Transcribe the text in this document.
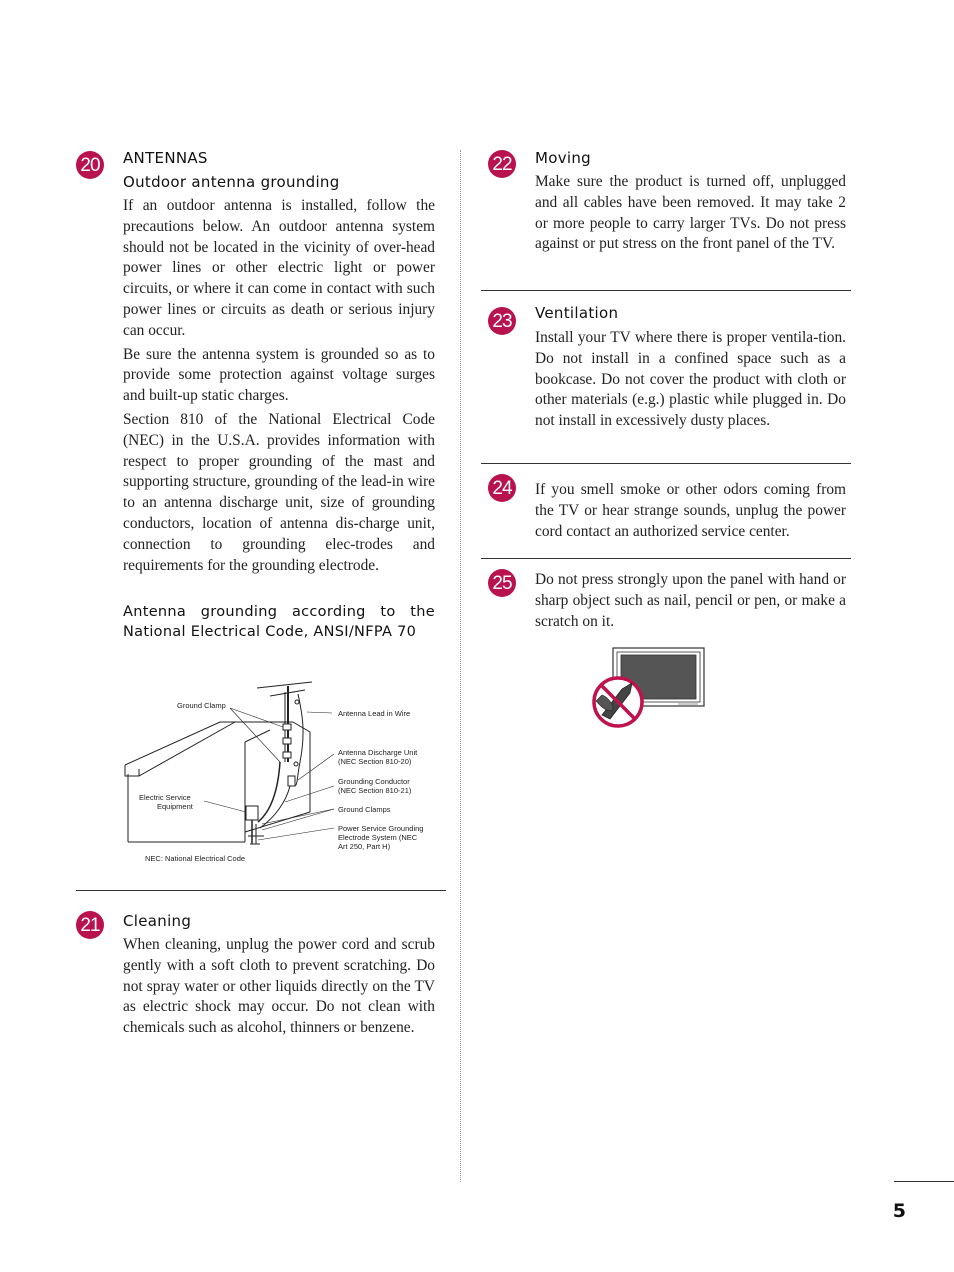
20 ANTENNAS
Outdoor antenna grounding

If an outdoor antenna is installed, follow the precautions below. An outdoor antenna system should not be located in the vicinity of over-head power lines or other electric light or power circuits, or where it can come in contact with such power lines or circuits as death or serious injury can occur.

Be sure the antenna system is grounded so as to provide some protection against voltage surges and built-up static charges.

Section 810 of the National Electrical Code (NEC) in the U.S.A. provides information with respect to proper grounding of the mast and supporting structure, grounding of the lead-in wire to an antenna discharge unit, size of grounding conductors, location of antenna dis-charge unit, connection to grounding elec-trodes and requirements for the grounding electrode.

Antenna grounding according to the National Electrical Code, ANSI/NFPA 70
Ground Clamp
Antenna Lead in Wire
Antenna Discharge Unit
(NEC Section 810-20)
Grounding Conductor
(NEC Section 810-21)
Ground Clamps
Power Service Grounding
Electrode System (NEC
Art 250, Part H)
Electric Service
Equipment
NEC: National Electrical Code
21 Cleaning

When cleaning, unplug the power cord and scrub gently with a soft cloth to prevent scratching. Do not spray water or other liquids directly on the TV as electric shock may occur. Do not clean with chemicals such as alcohol, thinners or benzene.

22 Moving

Make sure the product is turned off, unplugged and all cables have been removed. It may take 2 or more people to carry larger TVs. Do not press against or put stress on the front panel of the TV.

23 Ventilation

Install your TV where there is proper ventila-tion. Do not install in a confined space such as a bookcase. Do not cover the product with cloth or other materials (e.g.) plastic while plugged in. Do not install in excessively dusty places.

24 If you smell smoke or other odors coming from the TV or hear strange sounds, unplug the power cord contact an authorized service center.

25 Do not press strongly upon the panel with hand or sharp object such as nail, pencil or pen, or make a scratch on it.

5
